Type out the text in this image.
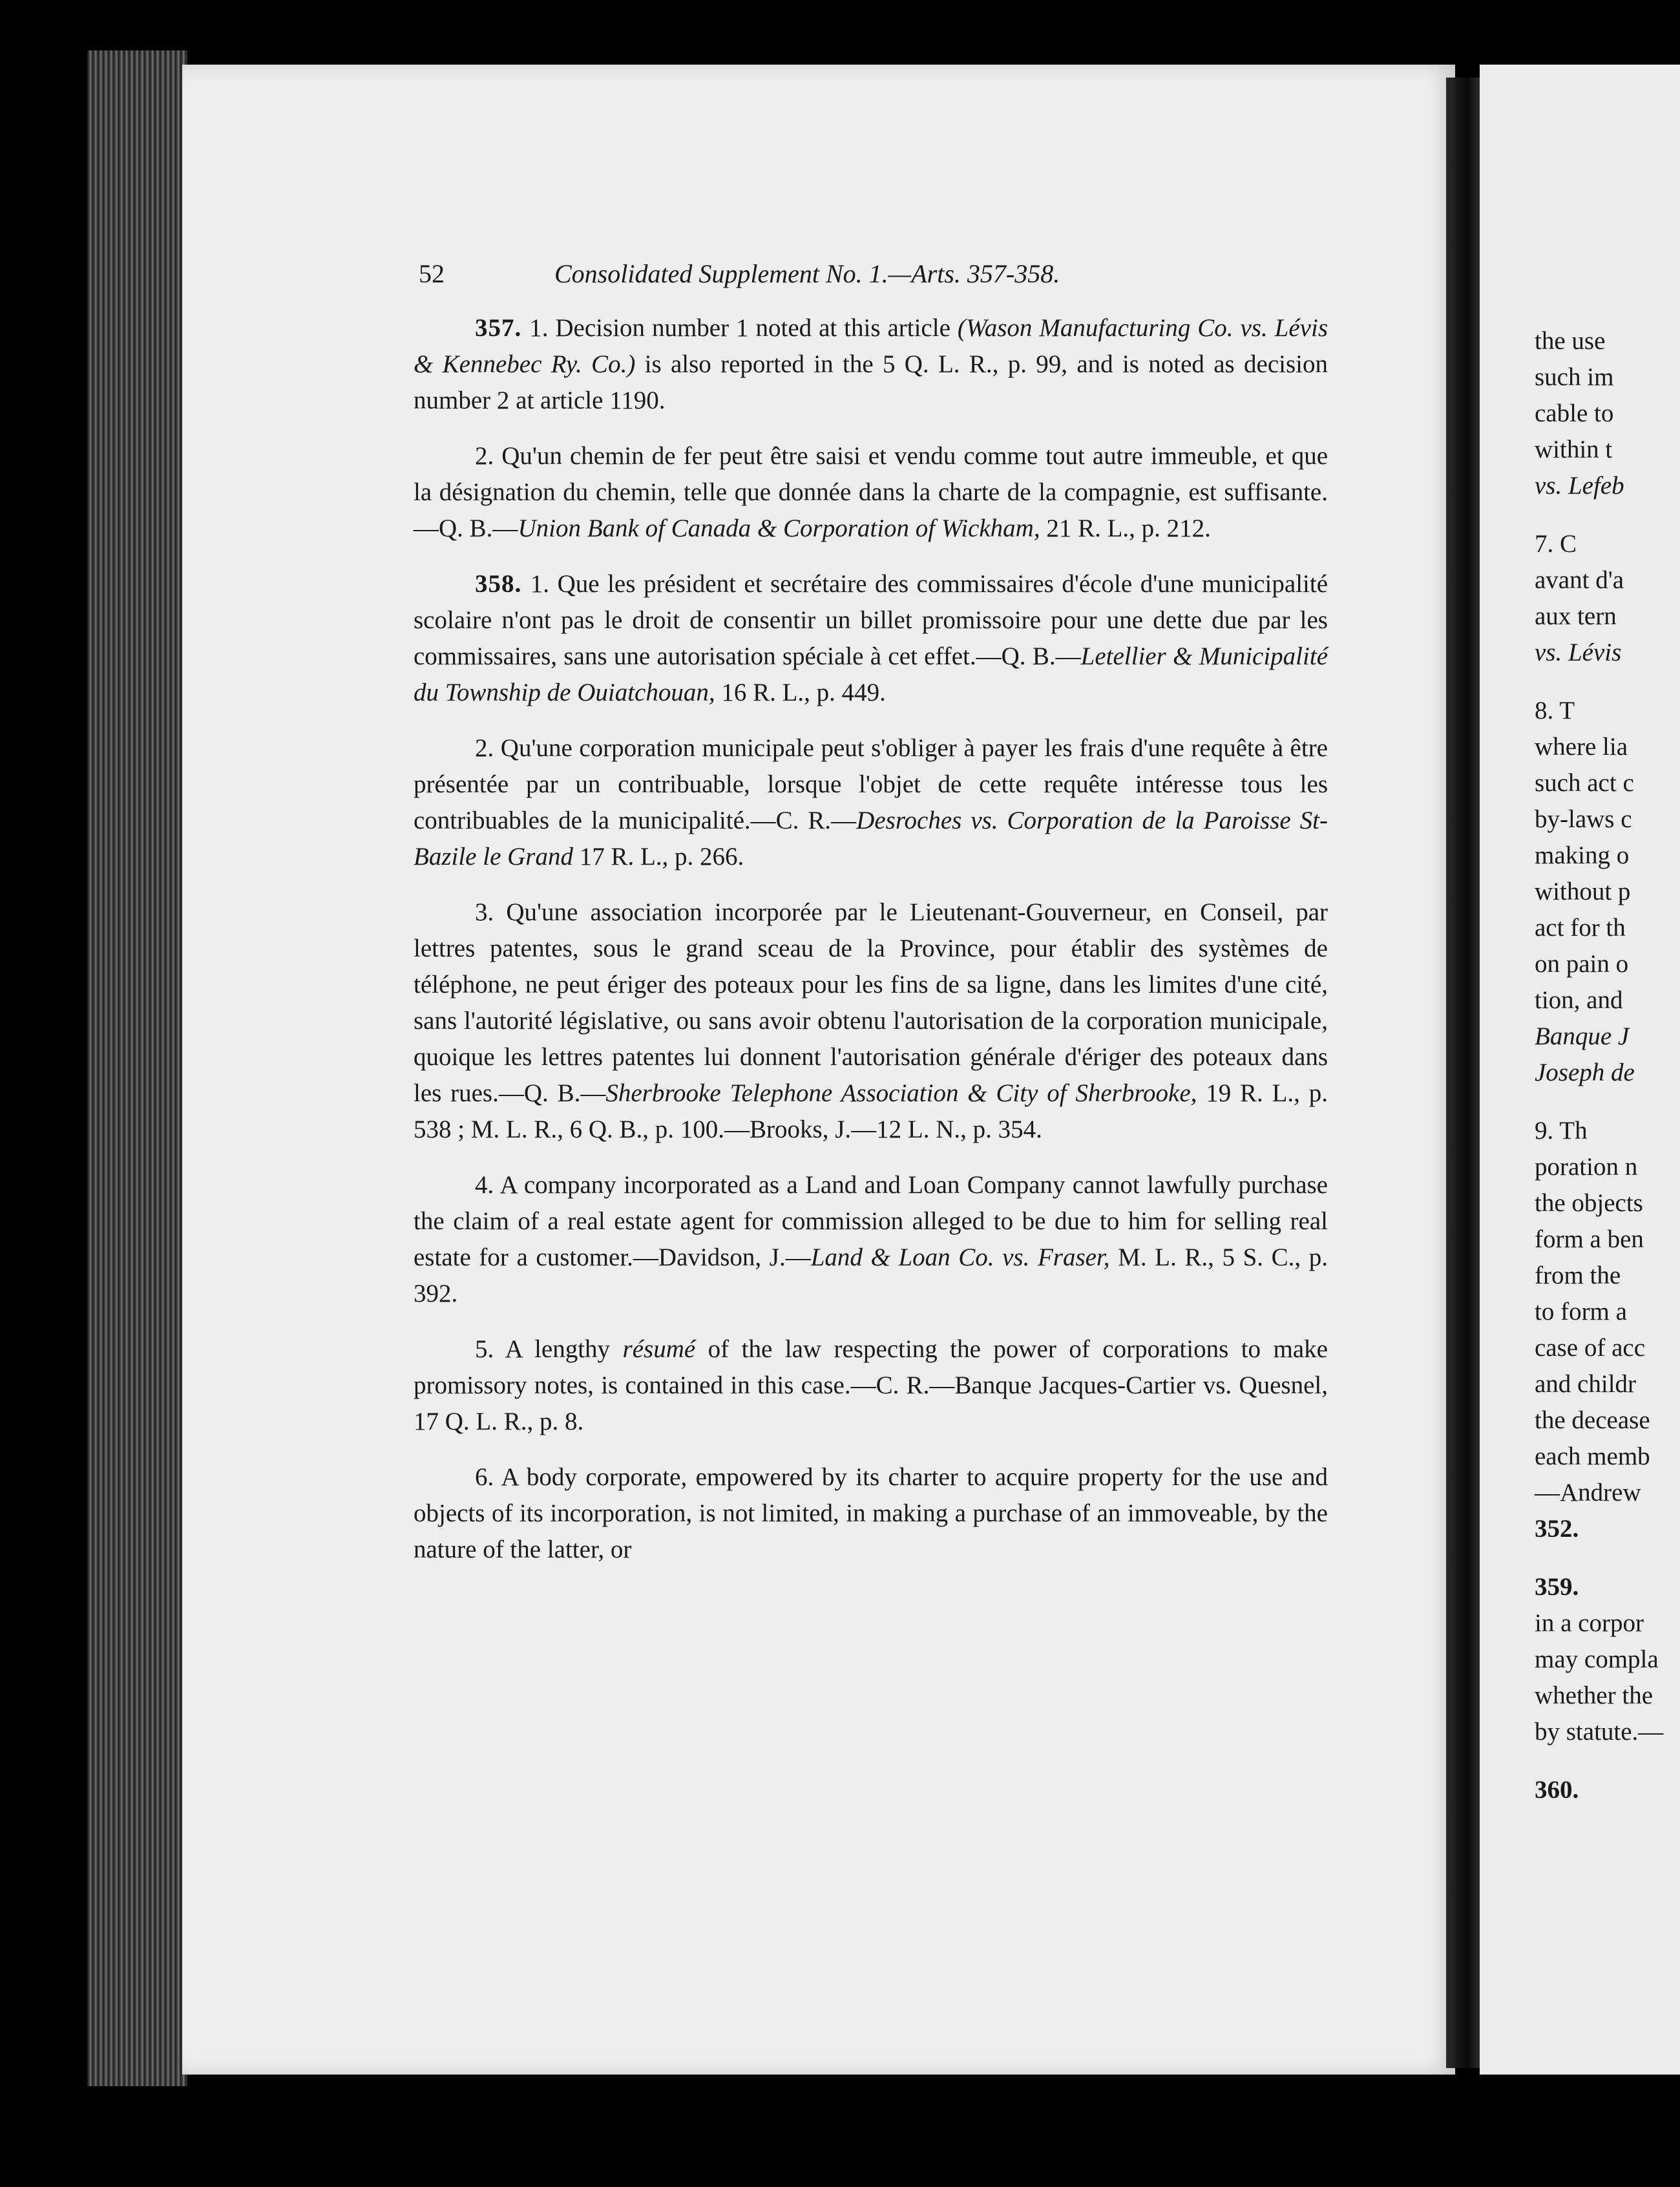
52	Consolidated Supplement No. 1.—Arts. 357-358.

357. 1. Decision number 1 noted at this article (Wason Manufacturing Co. vs. Lévis & Kennebec Ry. Co.) is also reported in the 5 Q. L. R., p. 99, and is noted as decision number 2 at article 1190.

2. Qu'un chemin de fer peut être saisi et vendu comme tout autre immeuble, et que la désignation du chemin, telle que donnée dans la charte de la compagnie, est suffisante.—Q. B.—Union Bank of Canada & Corporation of Wickham, 21 R. L., p. 212.

358. 1. Que les président et secrétaire des commissaires d'école d'une municipalité scolaire n'ont pas le droit de consentir un billet promissoire pour une dette due par les commissaires, sans une autorisation spéciale à cet effet.—Q. B.—Letellier & Municipalité du Township de Ouiatchouan, 16 R. L., p. 449.

2. Qu'une corporation municipale peut s'obliger à payer les frais d'une requête à être présentée par un contribuable, lorsque l'objet de cette requête intéresse tous les contribuables de la municipalité.—C. R.—Desroches vs. Corporation de la Paroisse St-Bazile le Grand 17 R. L., p. 266.

3. Qu'une association incorporée par le Lieutenant-Gouverneur, en Conseil, par lettres patentes, sous le grand sceau de la Province, pour établir des systèmes de téléphone, ne peut ériger des poteaux pour les fins de sa ligne, dans les limites d'une cité, sans l'autorité législative, ou sans avoir obtenu l'autorisation de la corporation municipale, quoique les lettres patentes lui donnent l'autorisation générale d'ériger des poteaux dans les rues.—Q. B.—Sherbrooke Telephone Association & City of Sherbrooke, 19 R. L., p. 538 ; M. L. R., 6 Q. B., p. 100.—Brooks, J.—12 L. N., p. 354.

4. A company incorporated as a Land and Loan Company cannot lawfully purchase the claim of a real estate agent for commission alleged to be due to him for selling real estate for a customer.—Davidson, J.—Land & Loan Co. vs. Fraser, M. L. R., 5 S. C., p. 392.

5. A lengthy résumé of the law respecting the power of corporations to make promissory notes, is contained in this case.—C. R.—Banque Jacques-Cartier vs. Quesnel, 17 Q. L. R., p. 8.

6. A body corporate, empowered by its charter to acquire property for the use and objects of its incorporation, is not limited, in making a purchase of an immoveable, by the nature of the latter, or

the use
such im
cable to
within t
vs. Lefeb
7. C
avant d'a
aux tern
vs. Lévis
8. T
where lia
such act c
by-laws c
making o
without p
act for th
on pain o
tion, and
Banque J
Joseph de
9. Th
poration n
the objects
form a ben
from the
to form a
case of acc
and childr
the decease
each memb
—Andrew
352.
359.
in a corpor
may compla
whether the
by statute.—
360.
